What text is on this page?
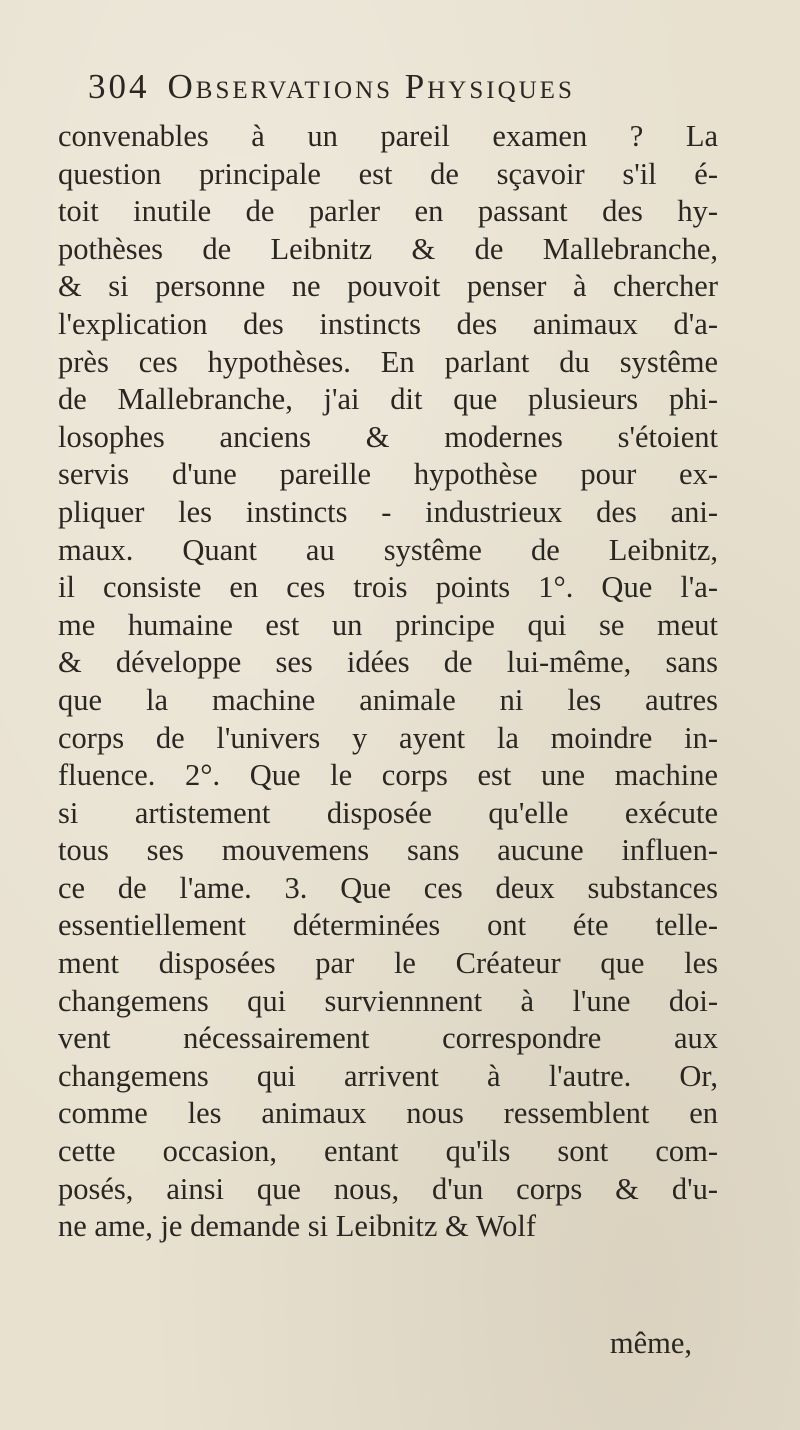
304 Observations Physiques
convenables à un pareil examen ? La
question principale est de sçavoir s'il é-
toit inutile de parler en passant des hy-
pothèses de Leibnitz & de Mallebranche,
& si personne ne pouvoit penser à chercher
l'explication des instincts des animaux d'a-
près ces hypothèses. En parlant du systême
de Mallebranche, j'ai dit que plusieurs phi-
losophes anciens & modernes s'étoient
servis d'une pareille hypothèse pour ex-
pliquer les instincts - industrieux des ani-
maux. Quant au systême de Leibnitz,
il consiste en ces trois points 1°. Que l'a-
me humaine est un principe qui se meut
& développe ses idées de lui-même, sans
que la machine animale ni les autres
corps de l'univers y ayent la moindre in-
fluence. 2°. Que le corps est une machine
si artistement disposée qu'elle exécute
tous ses mouvemens sans aucune influen-
ce de l'ame. 3. Que ces deux substances
essentiellement déterminées ont éte telle-
ment disposées par le Créateur que les
changemens qui surviennnent à l'une doi-
vent nécessairement correspondre aux
changemens qui arrivent à l'autre. Or,
comme les animaux nous ressemblent en
cette occasion, entant qu'ils sont com-
posés, ainsi que nous, d'un corps & d'u-
ne ame, je demande si Leibnitz & Wolf
même,
